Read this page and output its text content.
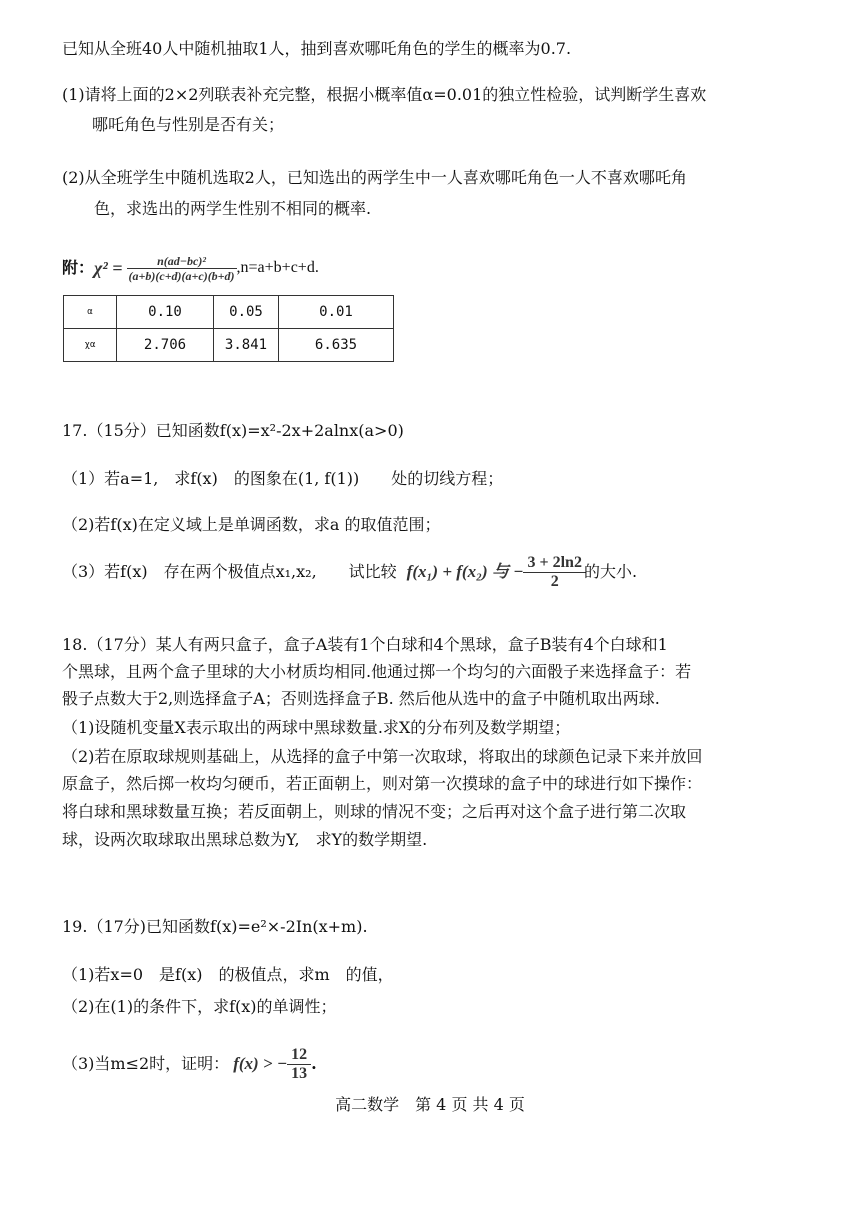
已知从全班40人中随机抽取1人，抽到喜欢哪吒角色的学生的概率为0.7.
(1)请将上面的2×2列联表补充完整，根据小概率值α=0.01的独立性检验，试判断学生喜欢
哪吒角色与性别是否有关；
(2)从全班学生中随机选取2人，已知选出的两学生中一人喜欢哪吒角色一人不喜欢哪吒角
色，求选出的两学生性别不相同的概率.
附： $\chi^2 = \frac{\text{n(ad−bc)²}}{(a+b)(c+d)(a+c)(b+d)} ,n=a+b+c+d$.
α	0.10	0.05	0.01
χα	2.706	3.841	6.635
17.（15分）已知函数f(x)=x²-2x+2alnx(a>0)
（1）若a=1,　求f(x)　的图象在(1, f(1))　　处的切线方程；
（2)若f(x)在定义域上是单调函数，求a 的取值范围；
（3）若f(x)　存在两个极值点x₁,x₂,　　试比较 f(x₁) + f(x₂) 与 − 3 + 2ln2
2 的大小.
18.（17分）某人有两只盒子，盒子A装有1个白球和4个黑球，盒子B装有4个白球和1
个黑球，且两个盒子里球的大小材质均相同.他通过掷一个均匀的六面骰子来选择盒子：若
骰子点数大于2,则选择盒子A；否则选择盒子B. 然后他从选中的盒子中随机取出两球.
（1)设随机变量X表示取出的两球中黑球数量.求X的分布列及数学期望；
（2)若在原取球规则基础上，从选择的盒子中第一次取球，将取出的球颜色记录下来并放回
原盒子，然后掷一枚均匀硬币，若正面朝上，则对第一次摸球的盒子中的球进行如下操作：
将白球和黑球数量互换；若反面朝上，则球的情况不变；之后再对这个盒子进行第二次取
球，设两次取球取出黑球总数为Y,　求Y的数学期望.
19.（17分)已知函数f(x)=e²×-2In(x+m).
（1)若x=0　是f(x)　的极值点，求m　的值，
（2)在(1)的条件下，求f(x)的单调性；
（3)当m≤2时，证明： f(x) > − 12
13 .
高二数学　第 4 页 共 4 页
